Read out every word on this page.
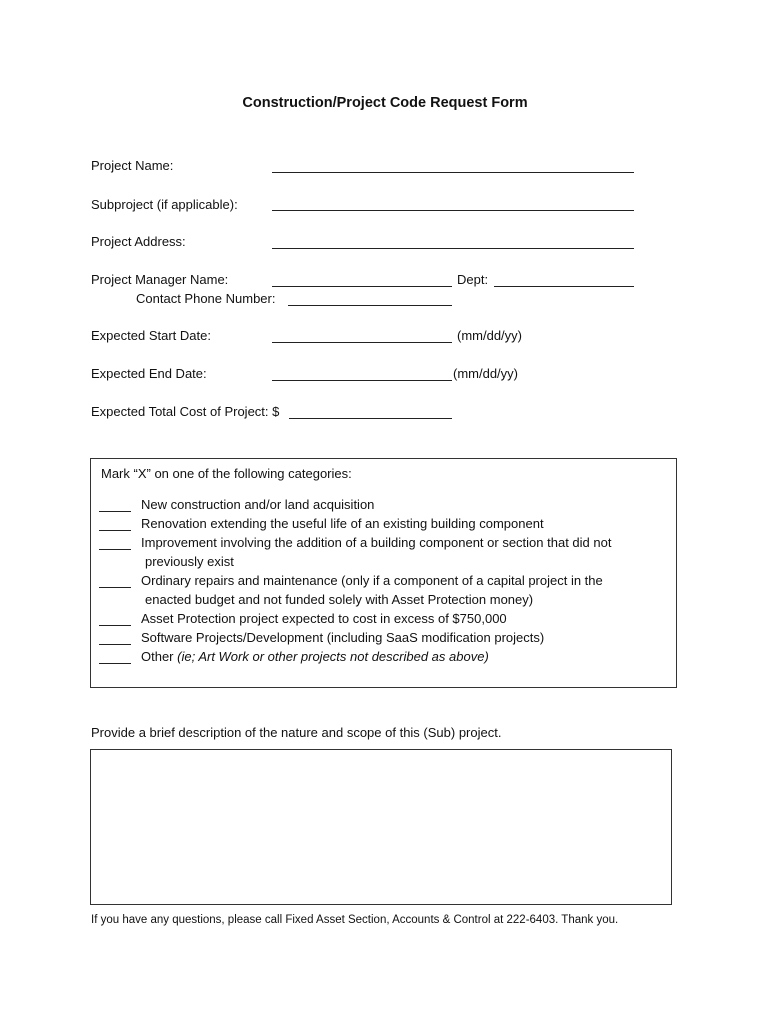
Construction/Project Code Request Form
Project Name:
Subproject (if applicable):
Project Address:
Project Manager Name:	Dept:
Contact Phone Number:
Expected Start Date:	(mm/dd/yy)
Expected End Date:	(mm/dd/yy)
Expected Total Cost of Project: $
Mark “X” on one of the following categories:
New construction and/or land acquisition
Renovation extending the useful life of an existing building component
Improvement involving the addition of a building component or section that did not
previously exist
Ordinary repairs and maintenance (only if a component of a capital project in the
enacted budget and not funded solely with Asset Protection money)
Asset Protection project expected to cost in excess of $750,000
Software Projects/Development (including SaaS modification projects)
Other (ie; Art Work or other projects not described as above)
Provide a brief description of the nature and scope of this (Sub) project.
If you have any questions, please call Fixed Asset Section, Accounts & Control at 222-6403. Thank you.
